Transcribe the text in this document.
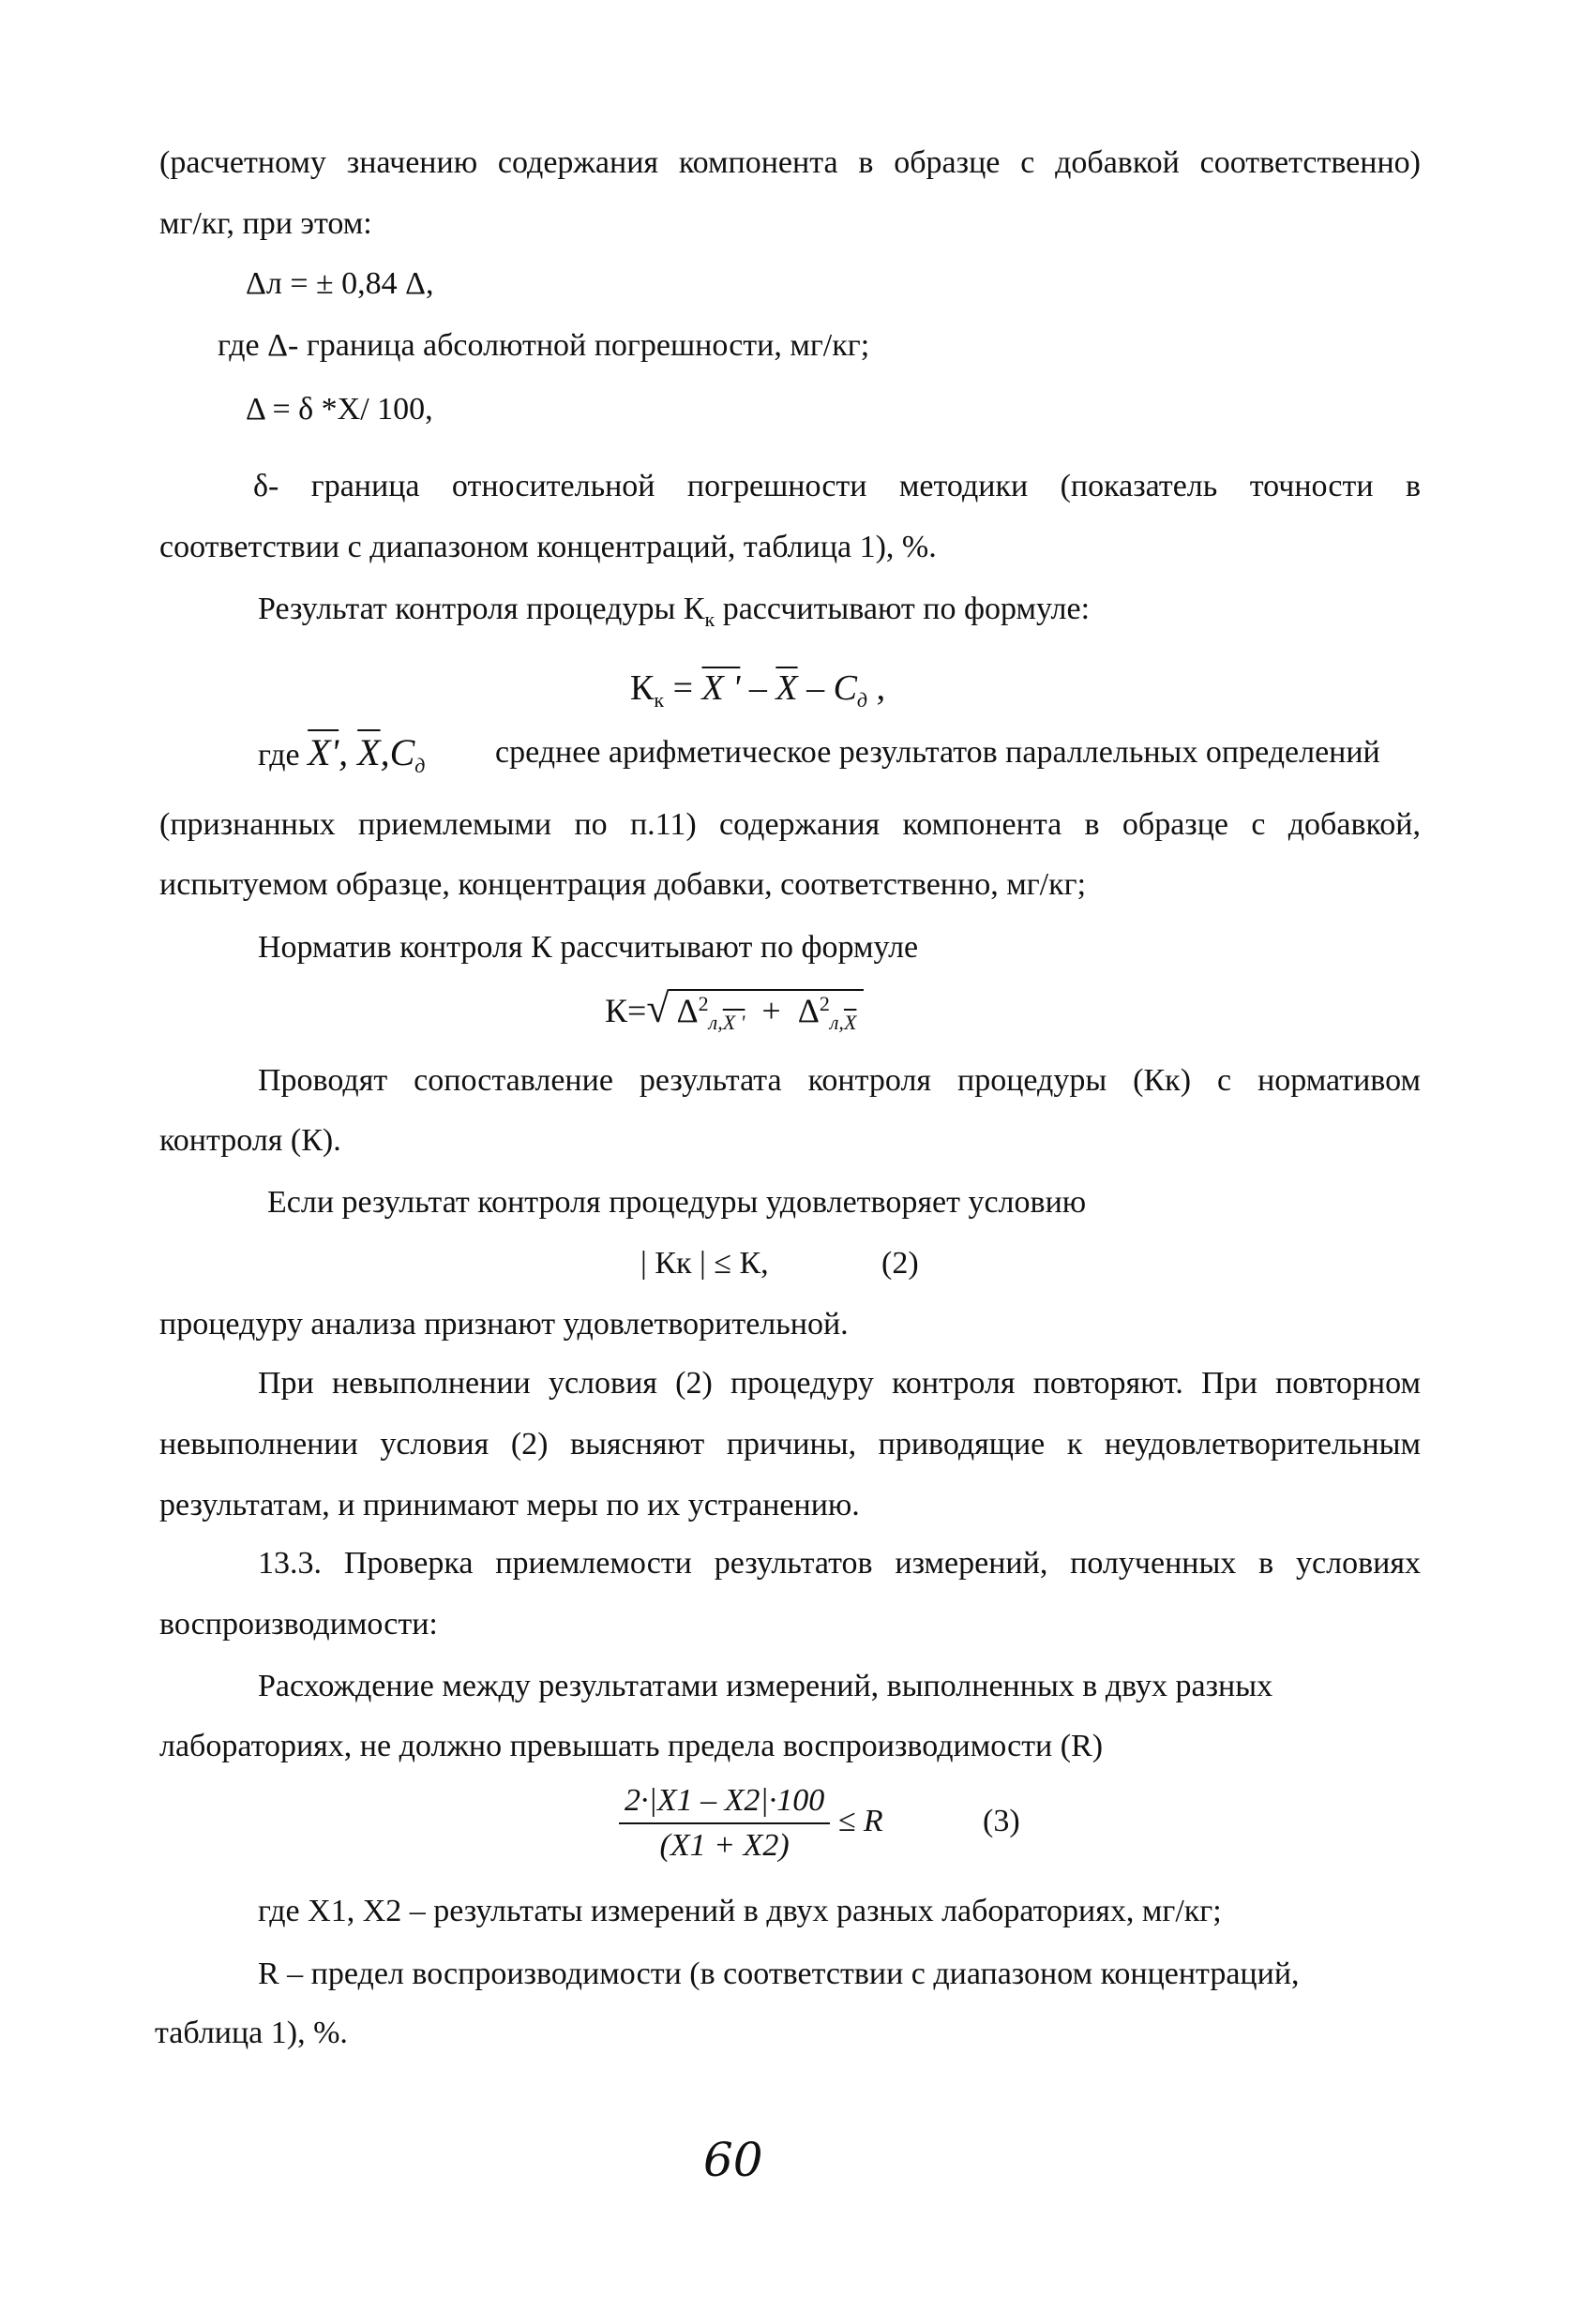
(расчетному значению содержания компонента в образце с добавкой соответственно)
мг/кг, при этом:
Δл = ± 0,84 Δ,
где Δ- граница абсолютной погрешности, мг/кг;
Δ = δ *X/ 100,
δ- граница относительной погрешности методики (показатель точности в
соответствии с диапазоном концентраций, таблица 1), %.
Результат контроля процедуры $К_к$ рассчитывают по формуле:
$К_к = X$ ' – $\overline{X} - C_д$ ,
где X', $\overline{X},C_д$ среднее арифметическое результатов параллельных определений
(признанных приемлемыми по п.11) содержания компонента в образце с добавкой,
испытуемом образце, концентрация добавки, соответственно, мг/кг;
Норматив контроля К рассчитывают по формуле
К=√ $\Delta^2_{л,X '} + \Delta^2_{л,\overline{X}}$
Проводят сопоставление результата контроля процедуры (Кк) с нормативом
контроля (К).
Если результат контроля процедуры удовлетворяет условию
| Кк | ≤ К,	(2)
процедуру анализа признают удовлетворительной.
При невыполнении условия (2) процедуру контроля повторяют. При повторном
невыполнении условия (2) выясняют причины, приводящие к неудовлетворительным
результатам, и принимают меры по их устранению.
13.3. Проверка приемлемости результатов измерений, полученных в условиях
воспроизводимости:
Расхождение между результатами измерений, выполненных в двух разных
лабораториях, не должно превышать предела воспроизводимости (R)
$\frac{2\cdot|X1 - X2|\cdot 100}{(X1 + X2)} \le R$	(3)
где X1, X2 – результаты измерений в двух разных лабораториях, мг/кг;
R – предел воспроизводимости (в соответствии с диапазоном концентраций,
таблица 1), %.
60
